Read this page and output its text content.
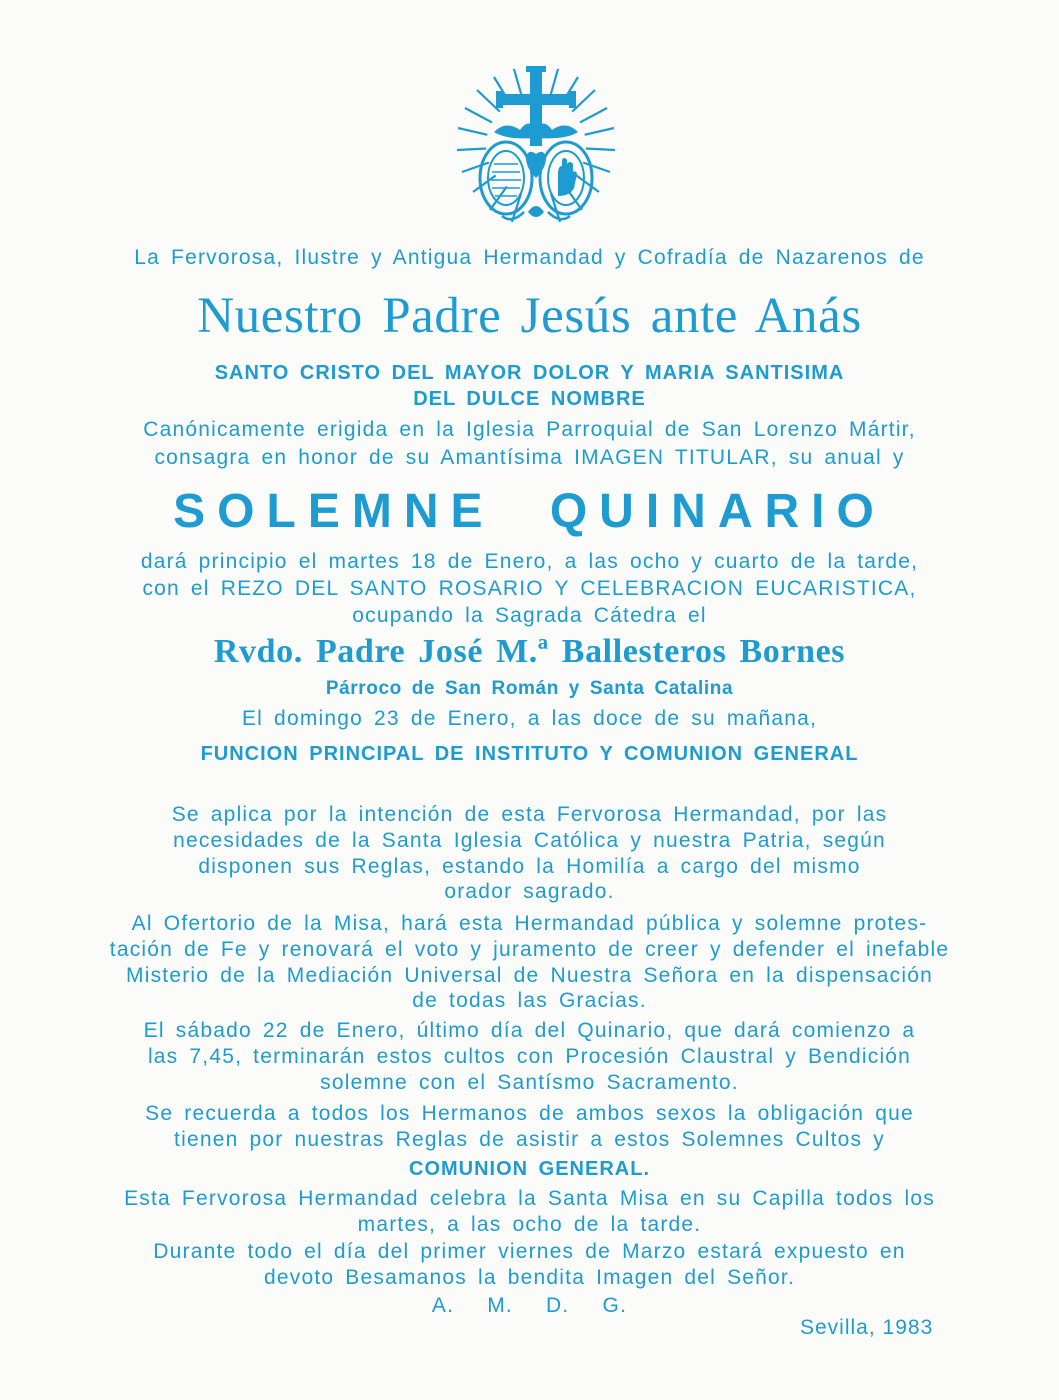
La Fervorosa, Ilustre y Antigua Hermandad y Cofradía de Nazarenos de
Nuestro Padre Jesús ante Anás
SANTO CRISTO DEL MAYOR DOLOR Y MARIA SANTISIMA
DEL DULCE NOMBRE
Canónicamente erigida en la Iglesia Parroquial de San Lorenzo Mártir,
consagra en honor de su Amantísima IMAGEN TITULAR, su anual y
SOLEMNE QUINARIO
dará principio el martes 18 de Enero, a las ocho y cuarto de la tarde,
con el REZO DEL SANTO ROSARIO Y CELEBRACION EUCARISTICA,
ocupando la Sagrada Cátedra el
Rvdo. Padre José M.ª Ballesteros Bornes
Párroco de San Román y Santa Catalina
El domingo 23 de Enero, a las doce de su mañana,
FUNCION PRINCIPAL DE INSTITUTO Y COMUNION GENERAL
Se aplica por la intención de esta Fervorosa Hermandad, por las
necesidades de la Santa Iglesia Católica y nuestra Patria, según
disponen sus Reglas, estando la Homilía a cargo del mismo
orador sagrado.
Al Ofertorio de la Misa, hará esta Hermandad pública y solemne protes-
tación de Fe y renovará el voto y juramento de creer y defender el inefable
Misterio de la Mediación Universal de Nuestra Señora en la dispensación
de todas las Gracias.
El sábado 22 de Enero, último día del Quinario, que dará comienzo a
las 7,45, terminarán estos cultos con Procesión Claustral y Bendición
solemne con el Santísmo Sacramento.
Se recuerda a todos los Hermanos de ambos sexos la obligación que
tienen por nuestras Reglas de asistir a estos Solemnes Cultos y
COMUNION GENERAL.
Esta Fervorosa Hermandad celebra la Santa Misa en su Capilla todos los
martes, a las ocho de la tarde.
Durante todo el día del primer viernes de Marzo estará expuesto en
devoto Besamanos la bendita Imagen del Señor.
A.   M.   D.   G.
Sevilla, 1983
